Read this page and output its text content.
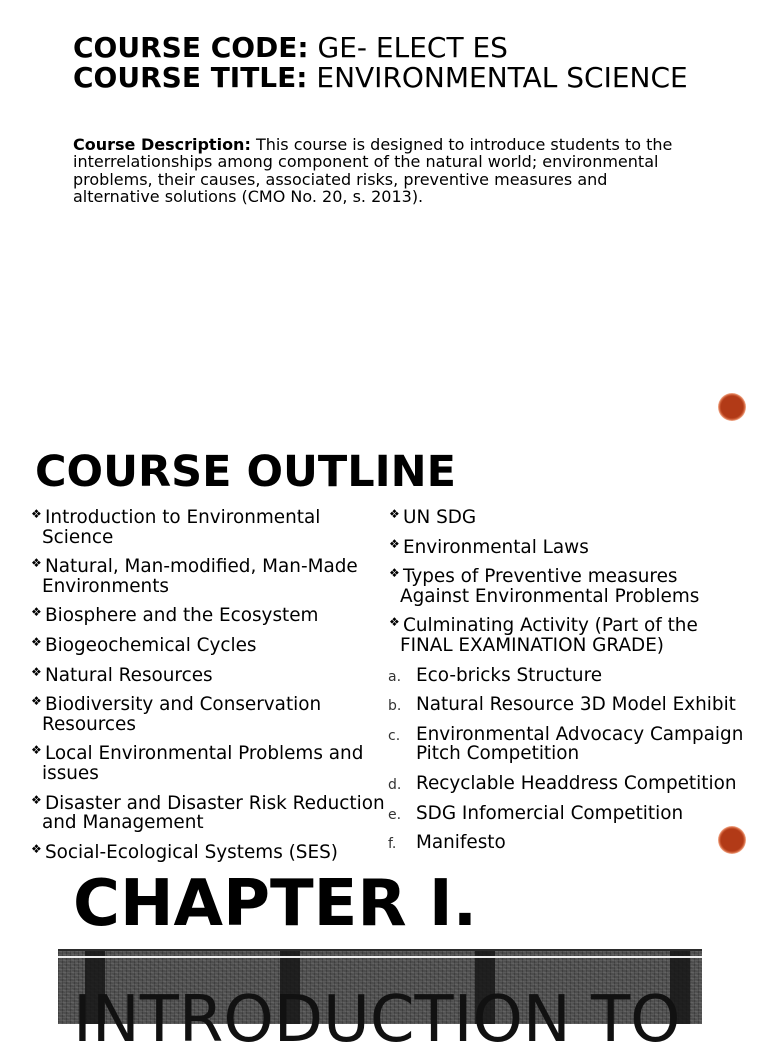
COURSE CODE: GE- ELECT ES
COURSE TITLE: ENVIRONMENTAL SCIENCE

Course Description: This course is designed to introduce students to the interrelationships among component of the natural world; environmental problems, their causes, associated risks, preventive measures and alternative solutions (CMO No. 20, s. 2013).

COURSE OUTLINE
❖Introduction to Environmental Science
❖Natural, Man-modified, Man-Made Environments
❖Biosphere and the Ecosystem
❖Biogeochemical Cycles
❖Natural Resources
❖Biodiversity and Conservation Resources
❖Local Environmental Problems and issues
❖Disaster and Disaster Risk Reduction and Management
❖Social-Ecological Systems (SES)
❖UN SDG
❖Environmental Laws
❖Types of Preventive measures Against Environmental Problems
❖Culminating Activity (Part of the FINAL EXAMINATION GRADE)
a. Eco-bricks Structure
b. Natural Resource 3D Model Exhibit
c. Environmental Advocacy Campaign Pitch Competition
d. Recyclable Headdress Competition
e. SDG Infomercial Competition
f. Manifesto
CHAPTER I.
INTRODUCTION TO
